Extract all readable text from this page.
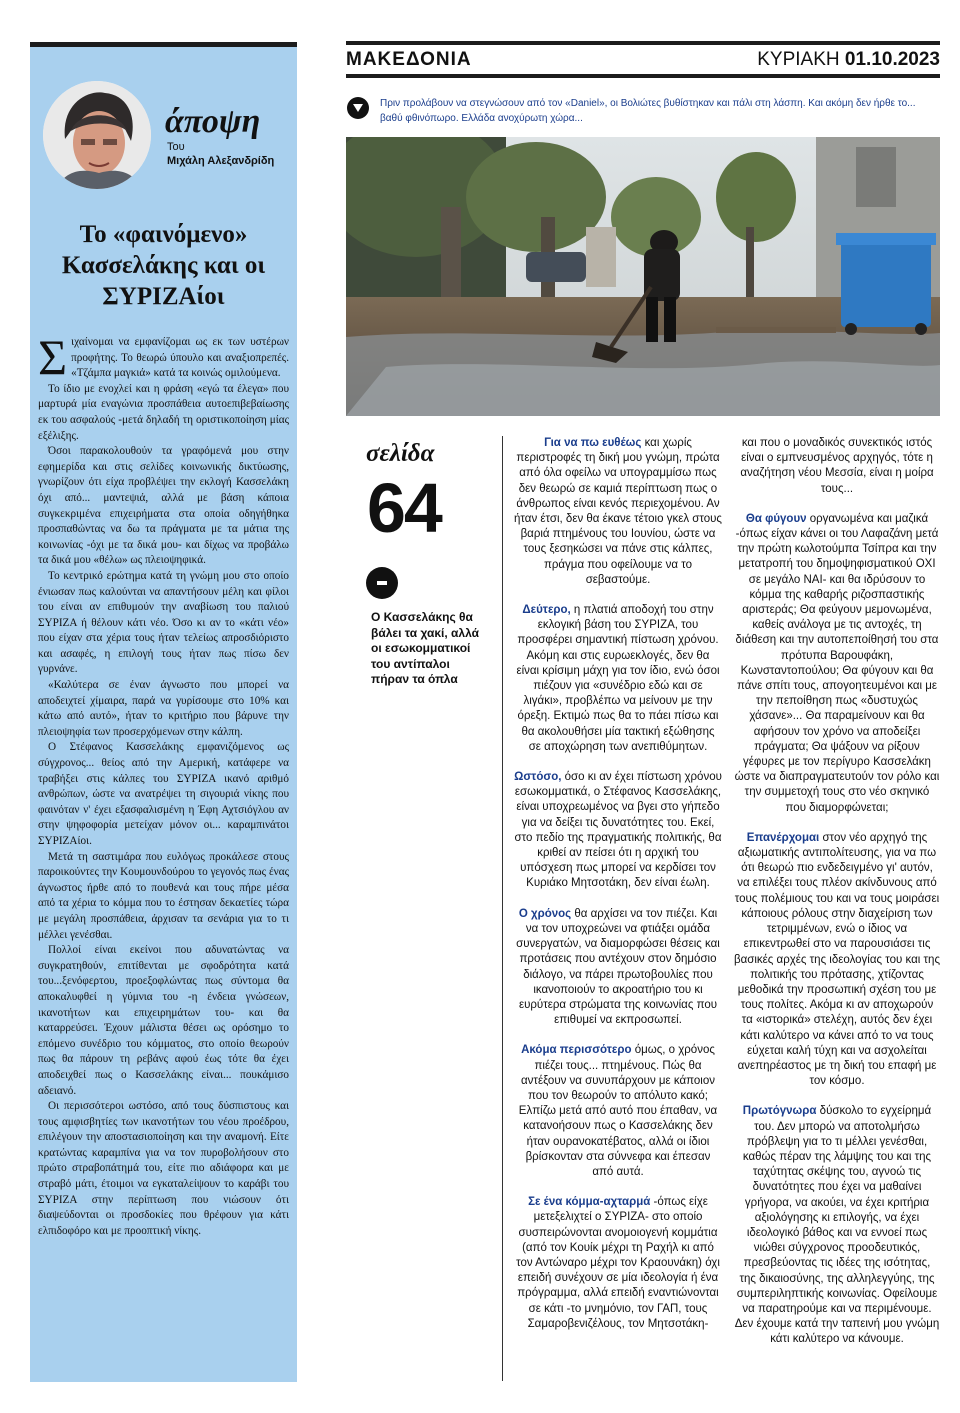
άποψη
Του
Μιχάλη Αλεξανδρίδη
Το «φαινόμενο» Κασσελάκης και οι ΣΥΡΙΖΑίοι

Σιχαίνομαι να εμφανίζομαι ως εκ των υστέρων προφήτης. Το θεωρώ ύπουλο και αναξιοπρεπές. «Τζάμπα μαγκιά» κατά τα κοινώς ομιλούμενα.

Το ίδιο με ενοχλεί και η φράση «εγώ τα έλεγα» που μαρτυρά μία εναγώνια προσπάθεια αυτοεπιβεβαίωσης εκ του ασφαλούς -μετά δηλαδή τη οριστικοποίηση μίας εξέλιξης.

Όσοι παρακολουθούν τα γραφόμενά μου στην εφημερίδα και στις σελίδες κοινωνικής δικτύωσης, γνωρίζουν ότι είχα προβλέψει την εκλογή Κασσελάκη όχι από... μαντεψιά, αλλά με βάση κάποια συγκεκριμένα επιχειρήματα στα οποία οδηγήθηκα προσπαθώντας να δω τα πράγματα με τα μάτια της κοινωνίας -όχι με τα δικά μου- και δίχως να προβάλω τα δικά μου «θέλω» ως πλειοψηφικά.

Το κεντρικό ερώτημα κατά τη γνώμη μου στο οποίο ένιωσαν πως καλούνται να απαντήσουν μέλη και φίλοι του είναι αν επιθυμούν την αναβίωση του παλιού ΣΥΡΙΖΑ ή θέλουν κάτι νέο. Όσο κι αν το «κάτι νέο» που είχαν στα χέρια τους ήταν τελείως απροσδιόριστο και ασαφές, η επιλογή τους ήταν πως πίσω δεν γυρνάνε.

«Καλύτερα σε έναν άγνωστο που μπορεί να αποδειχτεί χίμαιρα, παρά να γυρίσουμε στο 10% και κάτω από αυτό», ήταν το κριτήριο που βάρυνε την πλειοψηφία των προσερχόμενων στην κάλπη.

Ο Στέφανος Κασσελάκης εμφανιζόμενος ως σύγχρονος... θείος από την Αμερική, κατάφερε να τραβήξει στις κάλπες του ΣΥΡΙΖΑ ικανό αριθμό ανθρώπων, ώστε να ανατρέψει τη σιγουριά νίκης που φαινόταν ν' έχει εξασφαλισμένη η Έφη Αχτσιόγλου αν στην ψηφοφορία μετείχαν μόνον οι... καραμπινάτοι ΣΥΡΙΖΑίοι.

Μετά τη σαστιμάρα που ευλόγως προκάλεσε στους παροικούντες την Κουμουνδούρου το γεγονός πως ένας άγνωστος ήρθε από το πουθενά και τους πήρε μέσα από τα χέρια το κόμμα που το έστησαν δεκαετίες τώρα με μεγάλη προσπάθεια, άρχισαν τα σενάρια για το τι μέλλει γενέσθαι.

Πολλοί είναι εκείνοι που αδυνατώντας να συγκρατηθούν, επιτίθενται με σφοδρότητα κατά του...ξενόφερτου, προεξοφλώντας πως σύντομα θα αποκαλυφθεί η γύμνια του -η ένδεια γνώσεων, ικανοτήτων και επιχειρημάτων του- και θα καταρρεύσει. Έχουν μάλιστα θέσει ως ορόσημο το επόμενο συνέδριο του κόμματος, στο οποίο θεωρούν πως θα πάρουν τη ρεβάνς αφού έως τότε θα έχει αποδειχθεί πως ο Κασσελάκης είναι... πουκάμισο αδειανό.

Οι περισσότεροι ωστόσο, από τους δύσπιστους και τους αμφισβητίες των ικανοτήτων του νέου προέδρου, επιλέγουν την αποστασιοποίηση και την αναμονή. Είτε κρατώντας καραμπίνα για να τον πυροβολήσουν στο πρώτο στραβοπάτημά του, είτε πιο αδιάφορα και με στραβό μάτι, έτοιμοι να εγκαταλείψουν το καράβι του ΣΥΡΙΖΑ στην περίπτωση που νιώσουν ότι διαψεύδονται οι προσδοκίες που θρέφουν για κάτι ελπιδοφόρο και με προοπτική νίκης.

ΜΑΚΕΔΟΝΙΑ	ΚΥΡΙΑΚΗ 01.10.2023
Πριν προλάβουν να στεγνώσουν από τον «Daniel», οι Βολιώτες βυθίστηκαν και πάλι στη λάσπη. Και ακόμη δεν ήρθε το... βαθύ φθινόπωρο. Ελλάδα ανοχύρωτη χώρα...
σελίδα
64
Ο Κασσελάκης θα βάλει τα χακί, αλλά οι εσωκομματικοί του αντίπαλοι πήραν τα όπλα

Για να πω ευθέως και χωρίς περιστροφές τη δική μου γνώμη, πρώτα από όλα οφείλω να υπογραμμίσω πως δεν θεωρώ σε καμιά περίπτωση πως ο άνθρωπος είναι κενός περιεχομένου. Αν ήταν έτσι, δεν θα έκανε τέτοιο γκελ στους βαριά πτημένους του Ιουνίου, ώστε να τους ξεσηκώσει να πάνε στις κάλπες, πράγμα που οφείλουμε να το σεβαστούμε.

Δεύτερο, η πλατιά αποδοχή του στην εκλογική βάση του ΣΥΡΙΖΑ, του προσφέρει σημαντική πίστωση χρόνου. Ακόμη και στις ευρωεκλογές, δεν θα είναι κρίσιμη μάχη για τον ίδιο, ενώ όσοι πιέζουν για «συνέδριο εδώ και σε λιγάκι», προβλέπω να μείνουν με την όρεξη. Εκτιμώ πως θα το πάει πίσω και θα ακολουθήσει μία τακτική εξώθησης σε αποχώρηση των ανεπιθύμητων.

Ωστόσο, όσο κι αν έχει πίστωση χρόνου εσωκομματικά, ο Στέφανος Κασσελάκης, είναι υποχρεωμένος να βγει στο γήπεδο για να δείξει τις δυνατότητες του. Εκεί, στο πεδίο της πραγματικής πολιτικής, θα κριθεί αν πείσει ότι η αρχική του υπόσχεση πως μπορεί να κερδίσει τον Κυριάκο Μητσοτάκη, δεν είναι έωλη.

Ο χρόνος θα αρχίσει να τον πιέζει. Και να τον υποχρεώνει να φτιάξει ομάδα συνεργατών, να διαμορφώσει θέσεις και προτάσεις που αντέχουν στον δημόσιο διάλογο, να πάρει πρωτοβουλίες που ικανοποιούν το ακροατήριο του κι ευρύτερα στρώματα της κοινωνίας που επιθυμεί να εκπροσωπεί.

Ακόμα περισσότερο όμως, ο χρόνος πιέζει τους... πτημένους. Πώς θα αντέξουν να συνυπάρχουν με κάποιον που τον θεωρούν το απόλυτο κακό; Ελπίζω μετά από αυτό που έπαθαν, να κατανοήσουν πως ο Κασσελάκης δεν ήταν ουρανοκατέβατος, αλλά οι ίδιοι βρίσκονταν στα σύννεφα και έπεσαν από αυτά.

Σε ένα κόμμα-αχταρμά -όπως είχε μετεξελιχτεί ο ΣΥΡΙΖΑ- στο οποίο συσπειρώνονται ανομοιογενή κομμάτια (από τον Κουίκ μέχρι τη Ραχήλ κι από τον Αντώναρο μέχρι τον Κραουνάκη) όχι επειδή συνέχουν σε μία ιδεολογία ή ένα πρόγραμμα, αλλά επειδή εναντιώνονται σε κάτι -το μνημόνιο, τον ΓΑΠ, τους Σαμαροβενιζέλους, τον Μητσοτάκη-

και που ο μοναδικός συνεκτικός ιστός είναι ο εμπνευσμένος αρχηγός, τότε η αναζήτηση νέου Μεσσία, είναι η μοίρα τους...

Θα φύγουν οργανωμένα και μαζικά -όπως είχαν κάνει οι του Λαφαζάνη μετά την πρώτη κωλοτούμπα Τσίπρα και την μετατροπή του δημοψηφισματικού ΟΧΙ σε μεγάλο ΝΑΙ- και θα ιδρύσουν το κόμμα της καθαρής ριζοσπαστικής αριστεράς; Θα φεύγουν μεμονωμένα, καθείς ανάλογα με τις αντοχές, τη διάθεση και την αυτοπεποίθησή του στα πρότυπα Βαρουφάκη, Κωνσταντοπούλου; Θα φύγουν και θα πάνε σπίτι τους, απογοητευμένοι και με την πεποίθηση πως «δυστυχώς χάσανε»... Θα παραμείνουν και θα αφήσουν τον χρόνο να αποδείξει πράγματα; Θα ψάξουν να ρίξουν γέφυρες με τον περίγυρο Κασσελάκη ώστε να διαπραγματευτούν τον ρόλο και την συμμετοχή τους στο νέο σκηνικό που διαμορφώνεται;

Επανέρχομαι στον νέο αρχηγό της αξιωματικής αντιπολίτευσης, για να πω ότι θεωρώ πιο ενδεδειγμένο γι' αυτόν, να επιλέξει τους πλέον ακίνδυνους από τους πολέμιους του και να τους μοιράσει κάποιους ρόλους στην διαχείριση των τετριμμένων, ενώ ο ίδιος να επικεντρωθεί στο να παρουσιάσει τις βασικές αρχές της ιδεολογίας του και της πολιτικής του πρότασης, χτίζοντας μεθοδικά την προσωπική σχέση του με τους πολίτες. Ακόμα κι αν αποχωρούν τα «ιστορικά» στελέχη, αυτός δεν έχει κάτι καλύτερο να κάνει από το να τους εύχεται καλή τύχη και να ασχολείται ανεπηρέαστος με τη δική του επαφή με τον κόσμο.

Πρωτόγνωρα δύσκολο το εγχείρημά του. Δεν μπορώ να αποτολμήσω πρόβλεψη για το τι μέλλει γενέσθαι, καθώς πέραν της λάμψης του και της ταχύτητας σκέψης του, αγνοώ τις δυνατότητες που έχει να μαθαίνει γρήγορα, να ακούει, να έχει κριτήρια αξιολόγησης κι επιλογής, να έχει ιδεολογικό βάθος και να εννοεί πως νιώθει σύγχρονος προοδευτικός, πρεσβεύοντας τις ιδέες της ισότητας, της δικαιοσύνης, της αλληλεγγύης, της συμπεριληπτικής κοινωνίας. Οφείλουμε να παρατηρούμε και να περιμένουμε. Δεν έχουμε κατά την ταπεινή μου γνώμη κάτι καλύτερο να κάνουμε.
